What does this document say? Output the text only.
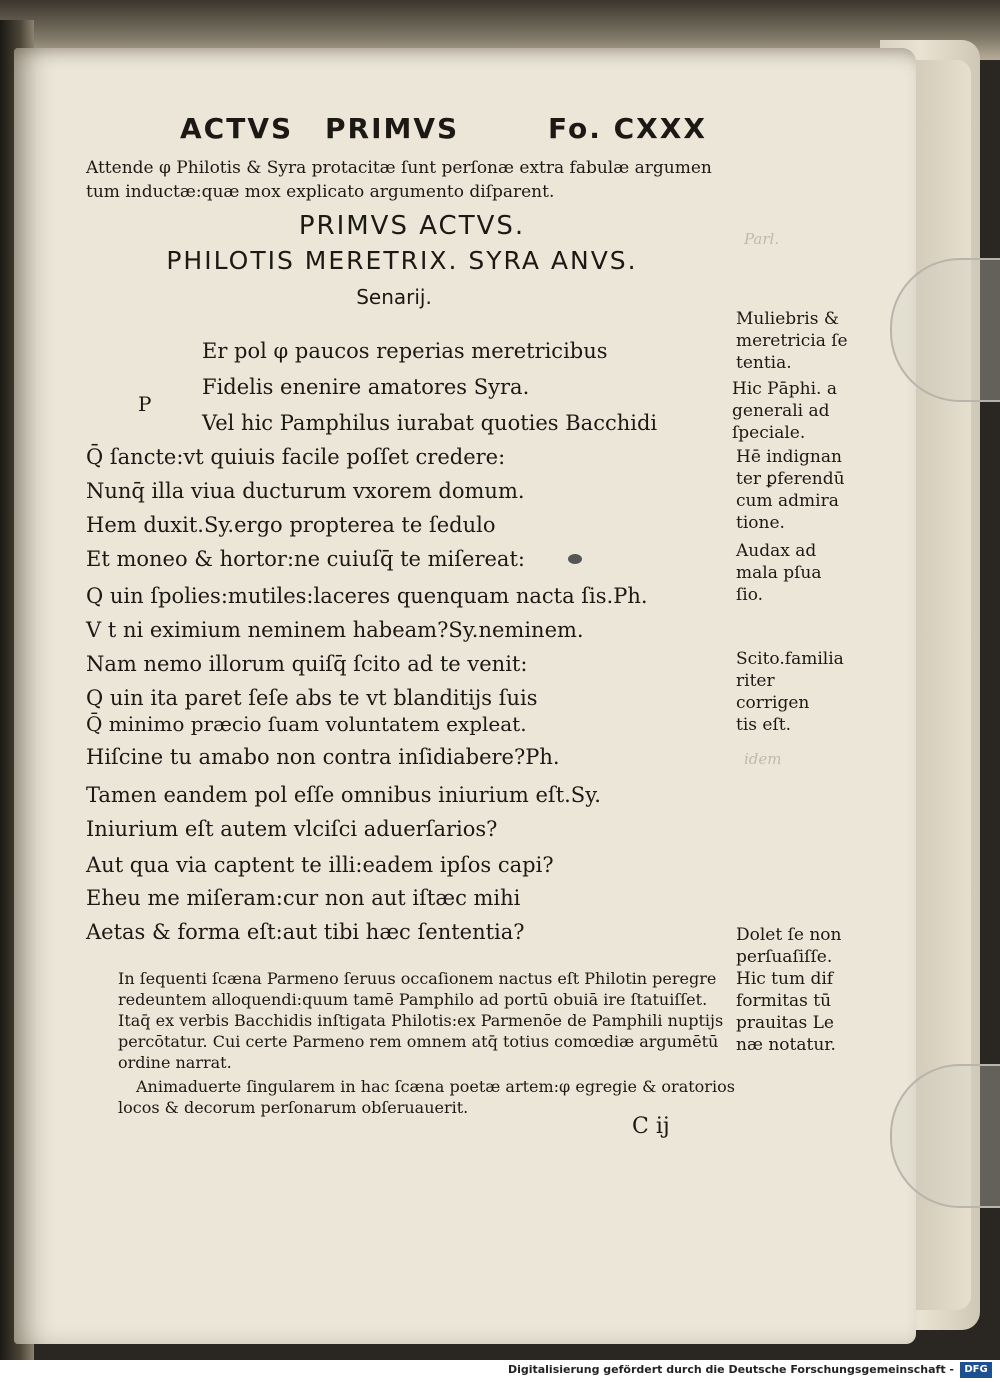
Parl.
idem
ACTVS PRIMVS	Fo. CXXX
Attende φ Philotis & Syra protacitæ ſunt perſonæ extra fabulæ argumen
tum inductæ:quæ mox explicato argumento diſparent.
PRIMVS ACTVS.
PHILOTIS MERETRIX. SYRA ANVS.
Senarij.
P
Er pol φ paucos reperias meretricibus
Fidelis enenire amatores Syra.
Vel hic Pamphilus iurabat quoties Bacchidi
Q̄ ſancte:vt quiuis facile poſſet credere:
Nunq̄ illa viua ducturum vxorem domum.
Hem duxit.Sy.ergo propterea te ſedulo
Et moneo & hortor:ne cuiuſq̄ te miſereat:
Q uin ſpolies:mutiles:laceres quenquam nacta ſis.Ph.
V t ni eximium neminem habeam?Sy.neminem.
Nam nemo illorum quiſq̄ ſcito ad te venit:
Q uin ita paret ſeſe abs te vt blanditijs ſuis
Q̄ minimo præcio ſuam voluntatem expleat.
Hiſcine tu amabo non contra inſidiabere?Ph.
Tamen eandem pol eſſe omnibus iniurium eſt.Sy.
Iniurium eſt autem vlciſci aduerſarios?
Aut qua via captent te illi:eadem ipſos capi?
Eheu me miſeram:cur non aut iſtæc mihi
Aetas & forma eſt:aut tibi hæc ſententia?
Muliebris &
meretricia ſe
tentia.
Hic Pāphi. a
generali ad
ſpeciale.
Hē indignan
ter ꝑferendū
cum admira
tione.
Audax ad
mala pſua
ſio.
Scito.familia
riter corrigen
tis eſt.
Dolet ſe non
perſuaſiſſe.
Hic tum dif
formitas tū
prauitas Le
næ notatur.
In ſequenti ſcæna Parmeno ſeruus occaſionem nactus eſt Philotin peregre
redeuntem alloquendi:quum tamē Pamphilo ad portū obuiā ire ſtatuiſſet.
Itaq̄ ex verbis Bacchidis inſtigata Philotis:ex Parmenōe de Pamphili nuptijs
percōtatur. Cui certe Parmeno rem omnem atq̄ totius comœdiæ argumētū
ordine narrat.
Animaduerte ſingularem in hac ſcæna poetæ artem:φ egregie & oratorios
locos & decorum perſonarum obſeruauerit.
C ij
Digitalisierung gefördert durch die Deutsche Forschungsgemeinschaft -	DFG
